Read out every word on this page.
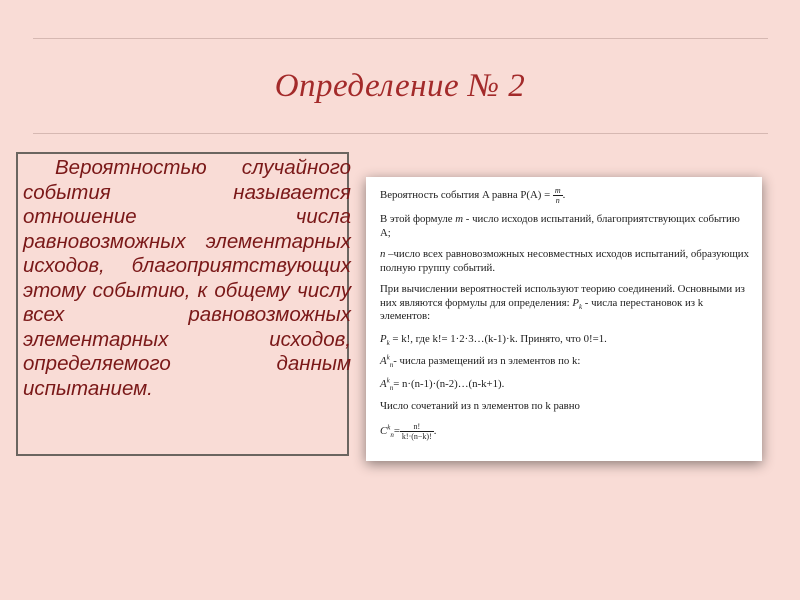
Определение № 2

Вероятностью случайного события называется отношение числа равновозможных элементарных исходов, благоприятствующих этому событию, к общему числу всех равновозможных элементарных исходов, определяемого данным испытанием.

Вероятность события A равна $P(A) = \frac{m}{n}$ .

В этой формуле m - число исходов испытаний, благоприятствующих событию A;

n –число всех равновозможных несовместных исходов испытаний, образующих полную группу событий.

При вычислении вероятностей используют теорию соединений. Основными из них являются формулы для определения: $P_k$ - числа перестановок из k элементов:

$P_k = k$!, где k!= 1·2·3…(k-1)·k. Принято, что 0!=1.

$A^k_n-$ числа размещений из n элементов по k:

$A^k_n=$ n·(n-1)·(n-2)…(n-k+1).

Число сочетаний из n элементов по k равно

$C^k_n= \frac{n!}{k!\cdot(n-k)!}$ .
